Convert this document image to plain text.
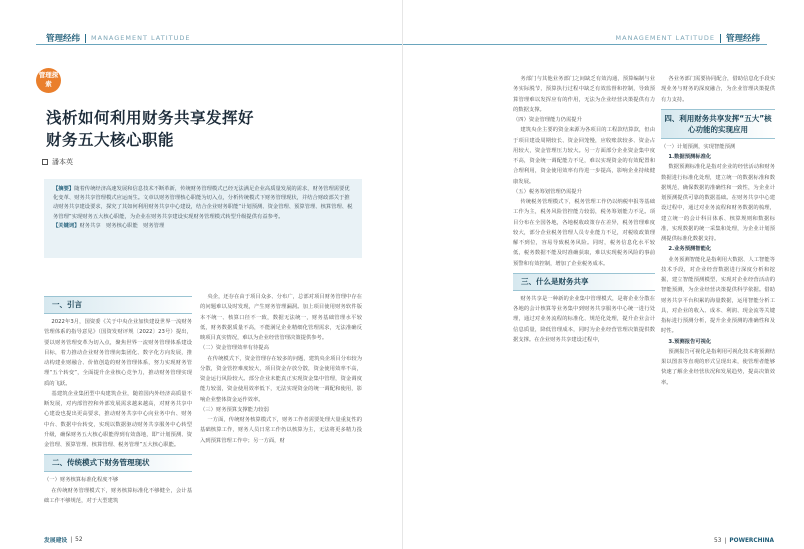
管理经纬 MANAGEMENT LATITUDE
管理探索
浅析如何利用财务共享发挥好
财务五大核心职能
潘本英
【摘要】随着传统经济高速发展和信息技术不断革新，传统财务管理模式已经无法满足企业高质量发展的需求，财务管理需要优化变革、财务共享管理模式应运而生。文章以财务管理核心职能为切入点，分析传统模式下财务管理现状，并结合财政部关于推动财务共享建设要求，探究了其如何利用财务共享中心建设，结合企业财务职能“计划预测、资金管理、预算管理、核算管理、税务管理”实现财务五大核心职能，为企业在财务共享建设实现财务管理模式转型升级提供有益参考。
【关键词】财务共享　财务核心职能　财务管理
一、引言

2022年3月，国资委《关于中央企业加快建设世界一流财务管理体系的指导意见》（国资发财评规〔2022〕23号）提出，要以财务管理变革为切入点，聚焦世界一流财务管理体系建设目标，着力推动企业财务管理向集团化、数字化方向发展，推动构建业财融合、价值创造的财务管理体系，努力实现财务管理“五个转变”，全面提升企业核心竞争力，推动财务管理实现质的飞跃。

基建筑企业集团型中央建筑企业，随着国内外经济高质量不断发展，对内部管控和外部发展需求越来越高，对财务共享中心建设也提出更高要求，推动财务共享中心向业务中台、财务中台、数据中台转变，实现以数据驱动财务共享服务中心转型升级，确保财务五大核心职能得到有效落地，即“计划预测、资金管理、预算管理、核算管理、税务管理”五大核心职能。

二、传统模式下财务管理现状

（一）财务核算标准化程度不够

在传统财务管理模式下，财务核算标准化不够健全，会计基础工作不够规范，对于大型建筑

央企，还存在由于项目众多、分布广，总部对项目财务管理中存在的问题难以及时发现，产生财务管理漏洞。加上项目使用财务软件版本不统一、核算口径不一致，数据无法统一，财务基础管理水平较低，财务数据质量不高，不能满足企业精细化管理需求，无法准确反映项目真实情况，难以为企业经营管理决策提供参考。

（二）资金管理效率有待提高

在传统模式下，资金管理存在较多的问题，建筑央企项目分布较为分散，资金管控难度较大，项目资金存放分散，资金使用效率不高，资金运行风险较大。部分企业未能真正实现资金集中管理，资金调度能力较弱，资金使用效率低下，无法实现资金的统一调配和使用，影响企业整体资金运作效率。

（三）财务预算支撑能力较弱

一方面，传统财务核算模式下，财务工作者需要处理大量重复性的基础核算工作，财务人员日常工作仍以核算为主，无法将更多精力投入到预算管理工作中；另一方面，财

发展建设 | 52
MANAGEMENT LATITUDE 管理经纬

务部门与其他业务部门之间缺乏有效沟通，预算编制与业务实际脱节，预算执行过程中缺乏有效监督和控制，导致预算管理难以发挥应有的作用，无法为企业经营决策提供有力的数据支撑。

（四）资金管理能力仍需提升

建筑央企主要的资金来源为各项目的工程款结算款，但由于项目建设周期较长、资金回笼慢，应收账款较多、资金占用较大，资金管理压力较大。另一方面部分企业资金集中度不高，资金统一调配能力不足，难以实现资金的有效配置和合理利用，资金使用效率有待进一步提高，影响企业持续健康发展。

（五）税务筹划管理仍需提升

传统税务管理模式下，税务管理工作仍以纳税申报等基础工作为主，税务风险管控能力较弱，税务筹划能力不足。项目分布在全国各地，各地税收政策存在差异，税务管理难度较大，部分企业税务管理人员专业能力不足，对税收政策理解不到位，容易导致税务风险。同时，税务信息化水平较低，税务数据不能及时准确获取，难以实现税务风险的事前预警和有效控制，增加了企业税务成本。

三、什么是财务共享

财务共享是一种新的企业集中管理模式，是将企业分散在各地的会计核算等业务集中到财务共享服务中心统一进行处理，通过对业务流程的标准化、规范化处理，提升企业会计信息质量，降低管理成本，同时为企业经营管理决策提供数据支撑。在企业财务共享建设过程中，

各业务部门需要协同配合，借助信息化手段实现业务与财务的深度融合，为企业管理决策提供有力支持。

四、利用财务共享发挥“五大”核心功能的实现应用

（一）计划预测，实现智能预测

1.数据预测标准化

数据预测标准化是指对企业的经营活动和财务数据进行标准化处理，建立统一的数据标准和数据规范，确保数据的准确性和一致性，为企业计划预测提供可靠的数据基础。在财务共享中心建设过程中，通过对业务流程和财务数据的梳理，建立统一的会计科目体系、核算规则和数据标准，实现数据的统一采集和处理，为企业计划预测提供标准化数据支持。

2.业务预测智能化

业务预测智能化是指利用大数据、人工智能等技术手段，对企业经营数据进行深度分析和挖掘，建立智能预测模型，实现对企业经营活动的智能预测，为企业经营决策提供科学依据。借助财务共享平台积累的海量数据，运用智能分析工具，对企业的收入、成本、利润、现金流等关键指标进行预测分析，提升企业预测的准确性和及时性。

3.预测报告可视化

预测报告可视化是指利用可视化技术将预测结果以图表等直观的形式呈现出来，使管理者能够快速了解企业经营状况和发展趋势，提高决策效率。

53 | POWERCHINA
